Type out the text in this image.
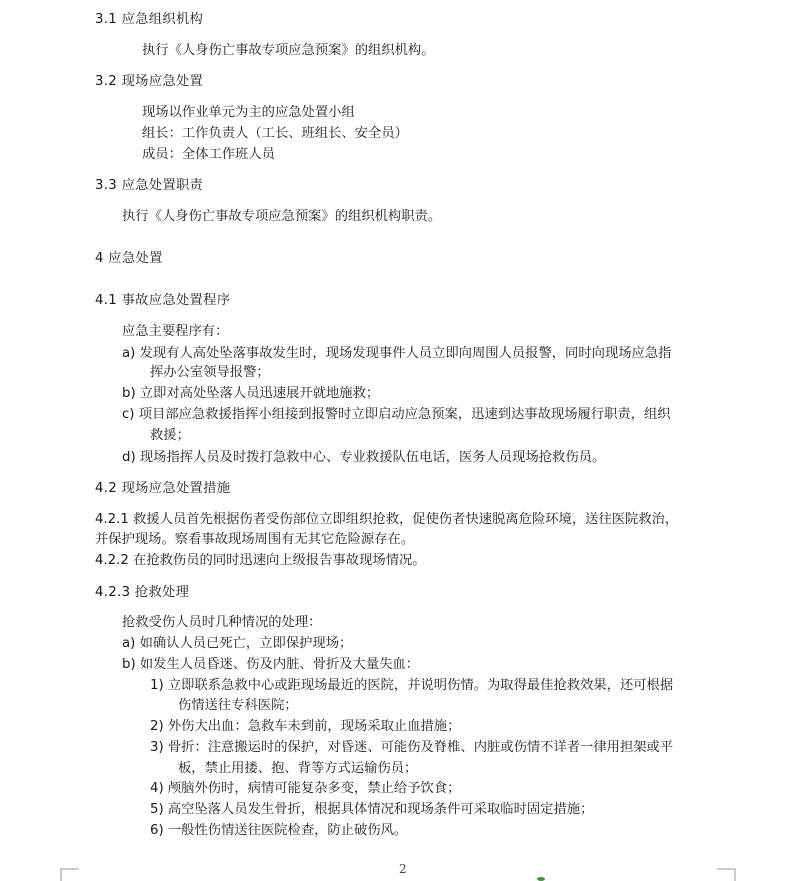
3.1 应急组织机构
执行《人身伤亡事故专项应急预案》的组织机构。
3.2 现场应急处置
现场以作业单元为主的应急处置小组
组长：工作负责人（工长、班组长、安全员）
成员：全体工作班人员
3.3 应急处置职责
执行《人身伤亡事故专项应急预案》的组织机构职责。
4 应急处置
4.1 事故应急处置程序
应急主要程序有：
a) 发现有人高处坠落事故发生时，现场发现事件人员立即向周围人员报警，同时向现场应急指
挥办公室领导报警；
b) 立即对高处坠落人员迅速展开就地施救；
c) 项目部应急救援指挥小组接到报警时立即启动应急预案，迅速到达事故现场履行职责，组织
救援；
d) 现场指挥人员及时拨打急救中心、专业救援队伍电话，医务人员现场抢救伤员。
4.2 现场应急处置措施
4.2.1 救援人员首先根据伤者受伤部位立即组织抢救，促使伤者快速脱离危险环境，送往医院救治，
并保护现场。察看事故现场周围有无其它危险源存在。
4.2.2 在抢救伤员的同时迅速向上级报告事故现场情况。
4.2.3 抢救处理
抢救受伤人员时几种情况的处理：
a) 如确认人员已死亡，立即保护现场；
b) 如发生人员昏迷、伤及内脏、骨折及大量失血：
1) 立即联系急救中心或距现场最近的医院，并说明伤情。为取得最佳抢救效果，还可根据
伤情送往专科医院；
2) 外伤大出血：急救车未到前，现场采取止血措施；
3) 骨折：注意搬运时的保护，对昏迷、可能伤及脊椎、内脏或伤情不详者一律用担架或平
板，禁止用搂、抱、背等方式运输伤员；
4) 颅脑外伤时，病情可能复杂多变，禁止给予饮食；
5) 高空坠落人员发生骨折，根据具体情况和现场条件可采取临时固定措施；
6) 一般性伤情送往医院检查，防止破伤风。
2
